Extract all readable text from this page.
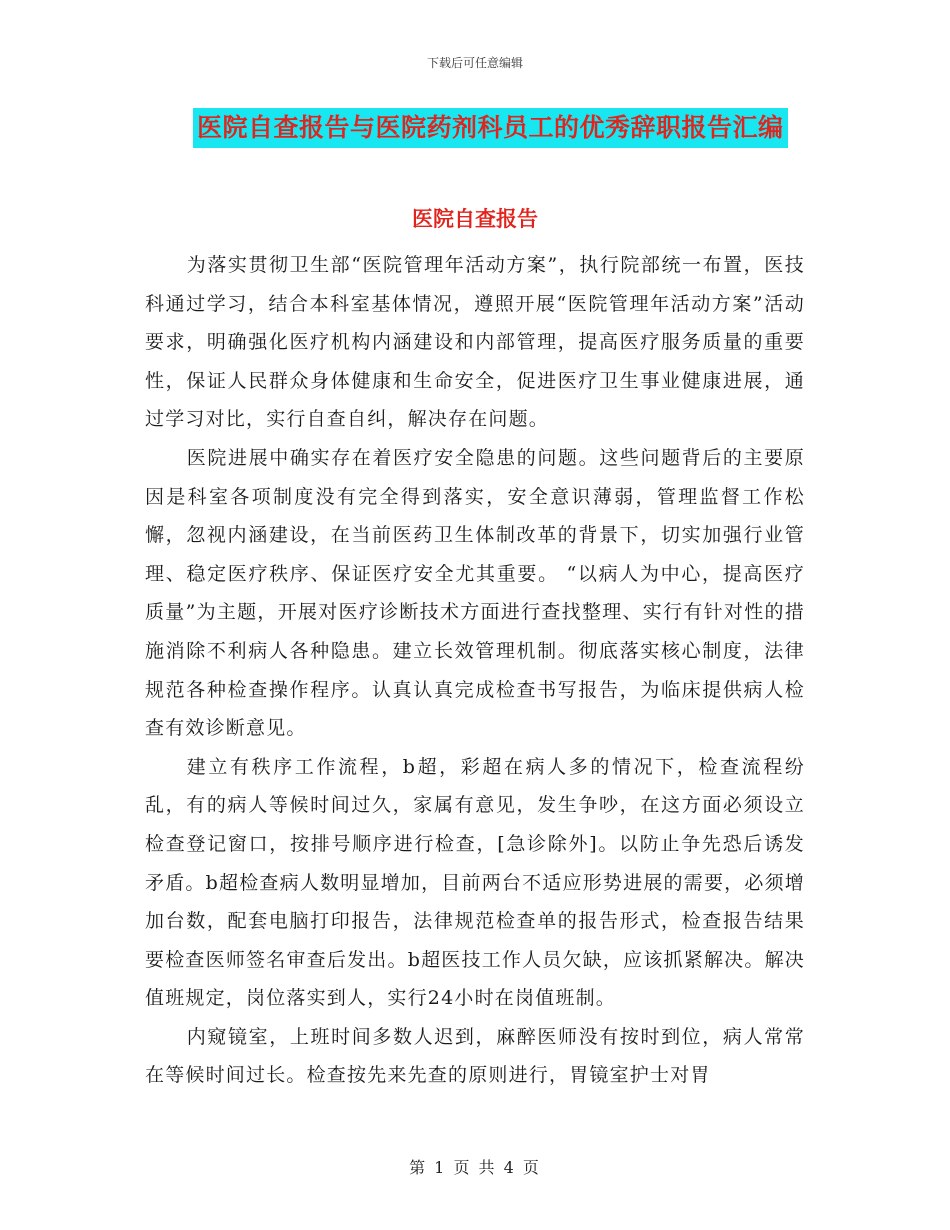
下载后可任意编辑
医院自查报告与医院药剂科员工的优秀辞职报告汇编
医院自查报告

为落实贯彻卫生部“医院管理年活动方案”，执行院部统一布置，医技科通过学习，结合本科室基体情况，遵照开展“医院管理年活动方案”活动要求，明确强化医疗机构内涵建设和内部管理，提高医疗服务质量的重要性，保证人民群众身体健康和生命安全，促进医疗卫生事业健康进展，通过学习对比，实行自查自纠，解决存在问题。

医院进展中确实存在着医疗安全隐患的问题。这些问题背后的主要原因是科室各项制度没有完全得到落实，安全意识薄弱，管理监督工作松懈，忽视内涵建设，在当前医药卫生体制改革的背景下，切实加强行业管理、稳定医疗秩序、保证医疗安全尤其重要。 “以病人为中心，提高医疗质量”为主题，开展对医疗诊断技术方面进行查找整理、实行有针对性的措施消除不利病人各种隐患。建立长效管理机制。彻底落实核心制度，法律规范各种检查操作程序。认真认真完成检查书写报告，为临床提供病人检查有效诊断意见。

建立有秩序工作流程，b超，彩超在病人多的情况下，检查流程纷乱，有的病人等候时间过久，家属有意见，发生争吵，在这方面必须设立检查登记窗口，按排号顺序进行检查，[急诊除外]。以防止争先恐后诱发矛盾。b超检查病人数明显增加，目前两台不适应形势进展的需要，必须增加台数，配套电脑打印报告，法律规范检查单的报告形式，检查报告结果要检查医师签名审查后发出。b超医技工作人员欠缺，应该抓紧解决。解决值班规定，岗位落实到人，实行24小时在岗值班制。

内窥镜室，上班时间多数人迟到，麻醉医师没有按时到位，病人常常在等候时间过长。检查按先来先查的原则进行，胃镜室护士对胃

第 1 页 共 4 页
